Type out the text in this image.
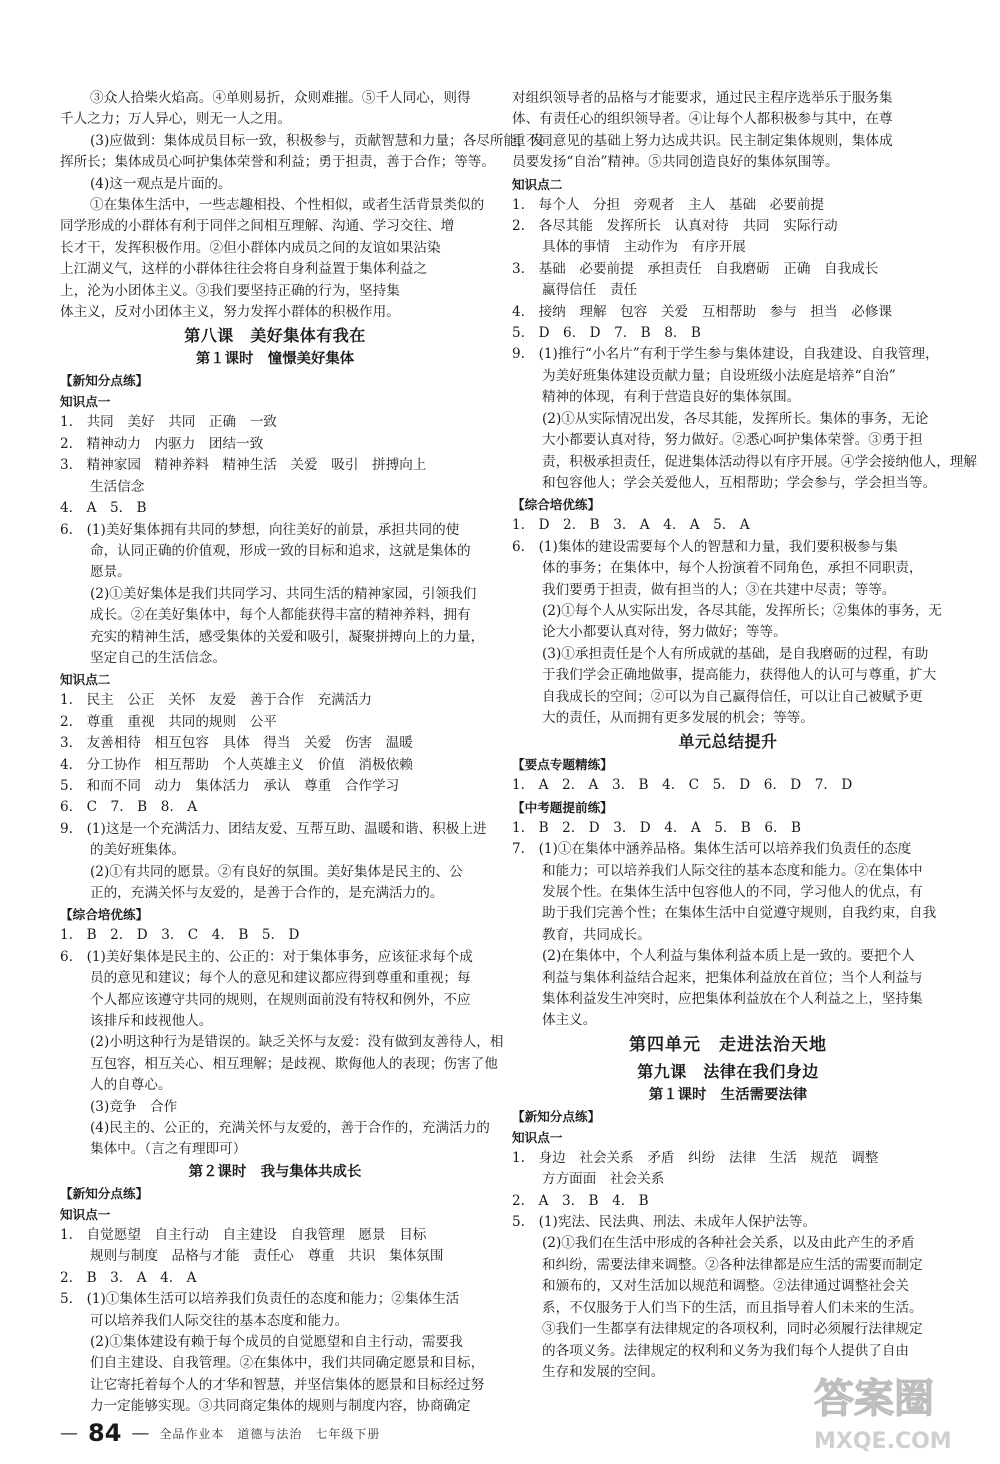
③众人拾柴火焰高。④单则易折，众则难摧。⑤千人同心，则得
千人之力；万人异心，则无一人之用。
(3)应做到：集体成员目标一致，积极参与，贡献智慧和力量；各尽所能，发
挥所长；集体成员心呵护集体荣誉和利益；勇于担责，善于合作；等等。
(4)这一观点是片面的。
①在集体生活中，一些志趣相投、个性相似，或者生活背景类似的
同学形成的小群体有利于同伴之间相互理解、沟通、学习交往、增
长才干，发挥积极作用。②但小群体内成员之间的友谊如果沾染
上江湖义气，这样的小群体往往会将自身利益置于集体利益之
上，沦为小团体主义。③我们要坚持正确的行为，坚持集
体主义，反对小团体主义，努力发挥小群体的积极作用。
第八课　美好集体有我在
第１课时　憧憬美好集体
【新知分点练】
知识点一
1.　共同　美好　共同　正确　一致
2.　精神动力　内驱力　团结一致
3.　精神家园　精神养料　精神生活　关爱　吸引　拼搏向上
生活信念
4.　A　5.　B
6.　(1)美好集体拥有共同的梦想，向往美好的前景，承担共同的使
命，认同正确的价值观，形成一致的目标和追求，这就是集体的
愿景。
(2)①美好集体是我们共同学习、共同生活的精神家园，引领我们
成长。②在美好集体中，每个人都能获得丰富的精神养料，拥有
充实的精神生活，感受集体的关爱和吸引，凝聚拼搏向上的力量，
坚定自己的生活信念。
知识点二
1.　民主　公正　关怀　友爱　善于合作　充满活力
2.　尊重　重视　共同的规则　公平
3.　友善相待　相互包容　具体　得当　关爱　伤害　温暖
4.　分工协作　相互帮助　个人英雄主义　价值　消极依赖
5.　和而不同　动力　集体活力　承认　尊重　合作学习
6.　C　7.　B　8.　A
9.　(1)这是一个充满活力、团结友爱、互帮互助、温暖和谐、积极上进
的美好班集体。
(2)①有共同的愿景。②有良好的氛围。美好集体是民主的、公
正的，充满关怀与友爱的，是善于合作的，是充满活力的。
【综合培优练】
1.　B　2.　D　3.　C　4.　B　5.　D
6.　(1)美好集体是民主的、公正的：对于集体事务，应该征求每个成
员的意见和建议；每个人的意见和建议都应得到尊重和重视；每
个人都应该遵守共同的规则，在规则面前没有特权和例外，不应
该排斥和歧视他人。
(2)小明这种行为是错误的。缺乏关怀与友爱：没有做到友善待人，相
互包容，相互关心、相互理解；是歧视、欺侮他人的表现；伤害了他
人的自尊心。
(3)竞争　合作
(4)民主的、公正的，充满关怀与友爱的，善于合作的，充满活力的
集体中。（言之有理即可）
第２课时　我与集体共成长
【新知分点练】
知识点一
1.　自觉愿望　自主行动　自主建设　自我管理　愿景　目标
规则与制度　品格与才能　责任心　尊重　共识　集体氛围
2.　B　3.　A　4.　A
5.　(1)①集体生活可以培养我们负责任的态度和能力；②集体生活
可以培养我们人际交往的基本态度和能力。
(2)①集体建设有赖于每个成员的自觉愿望和自主行动，需要我
们自主建设、自我管理。②在集体中，我们共同确定愿景和目标，
让它寄托着每个人的才华和智慧，并坚信集体的愿景和目标经过努
力一定能够实现。③共同商定集体的规则与制度内容，协商确定
对组织领导者的品格与才能要求，通过民主程序选举乐于服务集
体、有责任心的组织领导者。④让每个人都积极参与其中，在尊
重不同意见的基础上努力达成共识。民主制定集体规则，集体成
员要发扬“自治”精神。⑤共同创造良好的集体氛围等。
知识点二
1.　每个人　分担　旁观者　主人　基础　必要前提
2.　各尽其能　发挥所长　认真对待　共同　实际行动
具体的事情　主动作为　有序开展
3.　基础　必要前提　承担责任　自我磨砺　正确　自我成长
赢得信任　责任
4.　接纳　理解　包容　关爱　互相帮助　参与　担当　必修课
5.　D　6.　D　7.　B　8.　B
9.　(1)推行“小名片”有利于学生参与集体建设，自我建设、自我管理，
为美好班集体建设贡献力量；自设班级小法庭是培养“自治”
精神的体现，有利于营造良好的集体氛围。
(2)①从实际情况出发，各尽其能，发挥所长。集体的事务，无论
大小都要认真对待，努力做好。②悉心呵护集体荣誉。③勇于担
责，积极承担责任，促进集体活动得以有序开展。④学会接纳他人，理解
和包容他人；学会关爱他人，互相帮助；学会参与，学会担当等。
【综合培优练】
1.　D　2.　B　3.　A　4.　A　5.　A
6.　(1)集体的建设需要每个人的智慧和力量，我们要积极参与集
体的事务；在集体中，每个人扮演着不同角色，承担不同职责，
我们要勇于担责，做有担当的人；③在共建中尽责；等等。
(2)①每个人从实际出发，各尽其能，发挥所长；②集体的事务，无
论大小都要认真对待，努力做好；等等。
(3)①承担责任是个人有所成就的基础，是自我磨砺的过程，有助
于我们学会正确地做事，提高能力，获得他人的认可与尊重，扩大
自我成长的空间；②可以为自己赢得信任，可以让自己被赋予更
大的责任，从而拥有更多发展的机会；等等。
单元总结提升
【要点专题精练】
1.　A　2.　A　3.　B　4.　C　5.　D　6.　D　7.　D
【中考题提前练】
1.　B　2.　D　3.　D　4.　A　5.　B　6.　B
7.　(1)①在集体中涵养品格。集体生活可以培养我们负责任的态度
和能力；可以培养我们人际交往的基本态度和能力。②在集体中
发展个性。在集体生活中包容他人的不同，学习他人的优点，有
助于我们完善个性；在集体生活中自觉遵守规则，自我约束，自我
教育，共同成长。
(2)在集体中，个人利益与集体利益本质上是一致的。要把个人
利益与集体利益结合起来，把集体利益放在首位；当个人利益与
集体利益发生冲突时，应把集体利益放在个人利益之上，坚持集
体主义。
第四单元　走进法治天地
第九课　法律在我们身边
第１课时　生活需要法律
【新知分点练】
知识点一
1.　身边　社会关系　矛盾　纠纷　法律　生活　规范　调整
方方面面　社会关系
2.　A　3.　B　4.　B
5.　(1)宪法、民法典、刑法、未成年人保护法等。
(2)①我们在生活中形成的各种社会关系，以及由此产生的矛盾
和纠纷，需要法律来调整。②各种法律都是应生活的需要而制定
和颁布的，又对生活加以规范和调整。②法律通过调整社会关
系，不仅服务于人们当下的生活，而且指导着人们未来的生活。
③我们一生都享有法律规定的各项权利，同时必须履行法律规定
的各项义务。法律规定的权利和义务为我们每个人提供了自由
生存和发展的空间。
— 84 — 全品作业本　道德与法治　七年级下册
答案圈
MXQE.COM
